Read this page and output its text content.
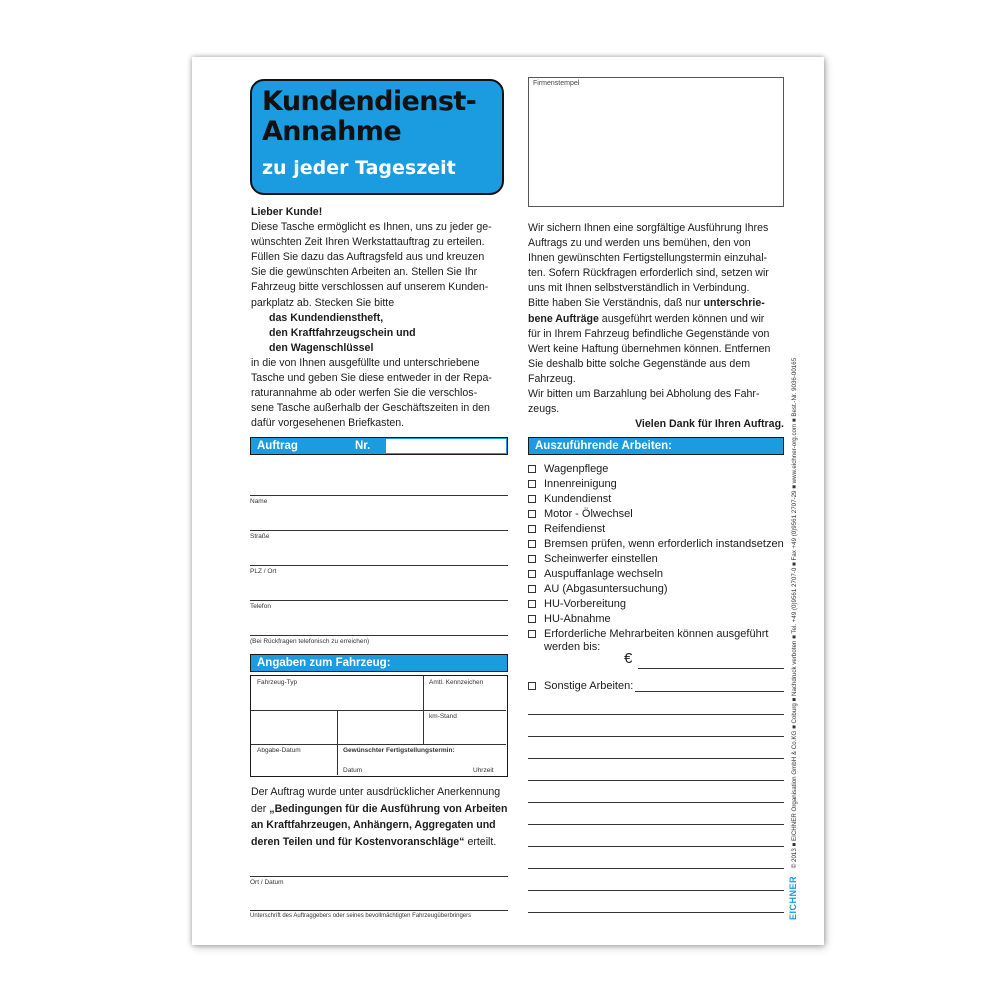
Kundendienst-
Annahme
zu jeder Tageszeit
Firmenstempel
Lieber Kunde!
Diese Tasche ermöglicht es Ihnen, uns zu jeder ge-
wünschten Zeit Ihren Werkstattauftrag zu erteilen.
Füllen Sie dazu das Auftragsfeld aus und kreuzen
Sie die gewünschten Arbeiten an. Stellen Sie Ihr
Fahrzeug bitte verschlossen auf unserem Kunden-
parkplatz ab. Stecken Sie bitte
das Kundendienstheft,
den Kraftfahrzeugschein und
den Wagenschlüssel
in die von Ihnen ausgefüllte und unterschriebene
Tasche und geben Sie diese entweder in der Repa-
raturannahme ab oder werfen Sie die verschlos-
sene Tasche außerhalb der Geschäftszeiten in den
dafür vorgesehenen Briefkasten.
Wir sichern Ihnen eine sorgfältige Ausführung Ihres
Auftrags zu und werden uns bemühen, den von
Ihnen gewünschten Fertigstellungstermin einzuhal-
ten. Sofern Rückfragen erforderlich sind, setzen wir
uns mit Ihnen selbstverständlich in Verbindung.
Bitte haben Sie Verständnis, daß nur unterschrie-
bene Aufträge ausgeführt werden können und wir
für in Ihrem Fahrzeug befindliche Gegenstände von
Wert keine Haftung übernehmen können. Entfernen
Sie deshalb bitte solche Gegenstände aus dem
Fahrzeug.
Wir bitten um Barzahlung bei Abholung des Fahr-
zeugs.
Vielen Dank für Ihren Auftrag.
Auftrag	Nr.
Name
Straße
PLZ / Ort
Telefon
(Bei Rückfragen telefonisch zu erreichen)
Angaben zum Fahrzeug:
Fahrzeug-Typ	Amtl. Kennzeichen
km-Stand
Abgabe-Datum	Gewünschter Fertigstellungstermin:
Datum	Uhrzeit
Der Auftrag wurde unter ausdrücklicher Anerkennung
der „Bedingungen für die Ausführung von Arbeiten
an Kraftfahrzeugen, Anhängern, Aggregaten und
deren Teilen und für Kostenvoranschläge“ erteilt.
Ort / Datum
Unterschrift des Auftraggebers oder seines bevollmächtigten Fahrzeugüberbringers
Auszuführende Arbeiten:
Wagenpflege
Innenreinigung
Kundendienst
Motor - Ölwechsel
Reifendienst
Bremsen prüfen, wenn erforderlich instandsetzen
Scheinwerfer einstellen
Auspuffanlage wechseln
AU (Abgasuntersuchung)
HU-Vorbereitung
HU-Abnahme
Erforderliche Mehrarbeiten können ausgeführt
werden bis:
€
Sonstige Arbeiten:
EICHNER © 2013 ■ EICHNER Organisation GmbH & Co.KG ■ Coburg ■ Nachdruck verboten ■ Tel. +49 (0)9561 2707-0 ■ Fax +49 (0)9561 2707-29 ■ www.eichner-org.com ■ Best.-Nr. 9036-00165
